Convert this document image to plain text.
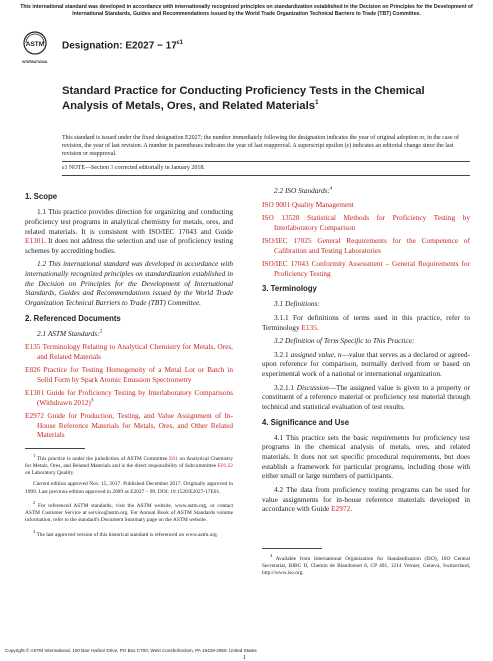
This international standard was developed in accordance with internationally recognized principles on standardization established in the Decision on Principles for the Development of International Standards, Guides and Recommendations issued by the World Trade Organization Technical Barriers to Trade (TBT) Committee.
ASTM
INTERNATIONAL
Designation: $E2027 - 17^{\varepsilon 1}$
Standard Practice for Conducting Proficiency Tests in the Chemical Analysis of Metals, Ores, and Related Materials$^1$
This standard is issued under the fixed designation E2027; the number immediately following the designation indicates the year of original adoption or, in the case of revision, the year of last revision. A number in parentheses indicates the year of last reapproval. A superscript epsilon (ε) indicates an editorial change since the last revision or reapproval.
ε1 NOTE—Section 3 corrected editorially in January 2018.
1. Scope

1.1 This practice provides direction for organizing and conducting proficiency test programs in analytical chemistry for metals, ores, and related materials. It is consistent with ISO/IEC 17043 and Guide E1301. It does not address the selection and use of proficiency testing schemes by accrediting bodies.

1.2 This international standard was developed in accordance with internationally recognized principles on standardization established in the Decision on Principles for the Development of International Standards, Guides and Recommendations issued by the World Trade Organization Technical Barriers to Trade (TBT) Committee.

2. Referenced Documents

2.1 ASTM Standards:$^2$

E135 Terminology Relating to Analytical Chemistry for Metals, Ores, and Related Materials

E826 Practice for Testing Homogeneity of a Metal Lot or Batch in Solid Form by Spark Atomic Emission Spectrometry

E1301 Guide for Proficiency Testing by Interlaboratory Comparisons (Withdrawn 2012)$^3$

E2972 Guide for Production, Testing, and Value Assignment of In-House Reference Materials for Metals, Ores, and Other Related Materials

$^1$ This practice is under the jurisdiction of ASTM Committee E01 on Analytical Chemistry for Metals, Ores, and Related Materials and is the direct responsibility of Subcommittee E01.22 on Laboratory Quality.

Current edition approved Nov. 15, 2017. Published December 2017. Originally approved in 1999. Last previous edition approved in 2009 as E2027 – 09. DOI: 10.1520/E2027-17E01.

$^2$ For referenced ASTM standards, visit the ASTM website, www.astm.org, or contact ASTM Customer Service at service@astm.org. For Annual Book of ASTM Standards volume information, refer to the standard's Document Summary page on the ASTM website.

$^3$ The last approved version of this historical standard is referenced on www.astm.org.

2.2 ISO Standards:$^4$

ISO 9001 Quality Management

ISO 13528 Statistical Methods for Proficiency Testing by Interlaboratory Comparison

ISO/IEC 17025 General Requirements for the Competence of Calibration and Testing Laboratories

ISO/IEC 17043 Conformity Assessment – General Requirements for Proficiency Testing

3. Terminology

3.1 Definitions:

3.1.1 For definitions of terms used in this practice, refer to Terminology E135.

3.2 Definition of Term Specific to This Practice:

3.2.1 assigned value, n—value that serves as a declared or agreed-upon reference for comparison, normally derived from or based on experimental work of a national or international organization.

3.2.1.1 Discussion—The assigned value is given to a property or constituent of a reference material or proficiency test material through technical and statistical evaluation of test results.

4. Significance and Use

4.1 This practice sets the basic requirements for proficiency test programs in the chemical analysis of metals, ores, and related materials. It does not set specific procedural requirements, but does establish a framework for particular programs, including those with either small or large numbers of participants.

4.2 The data from proficiency testing programs can be used for value assignments for in-house reference materials developed in accordance with Guide E2972.

$^4$ Available from International Organization for Standardization (ISO), ISO Central Secretariat, BIBC II, Chemin de Blandonnet 8, CP 401, 1214 Vernier, Geneva, Switzerland, http://www.iso.org.

Copyright © ASTM International, 100 Barr Harbor Drive, PO Box C700, West Conshohocken, PA 19428-2959. United States
1
